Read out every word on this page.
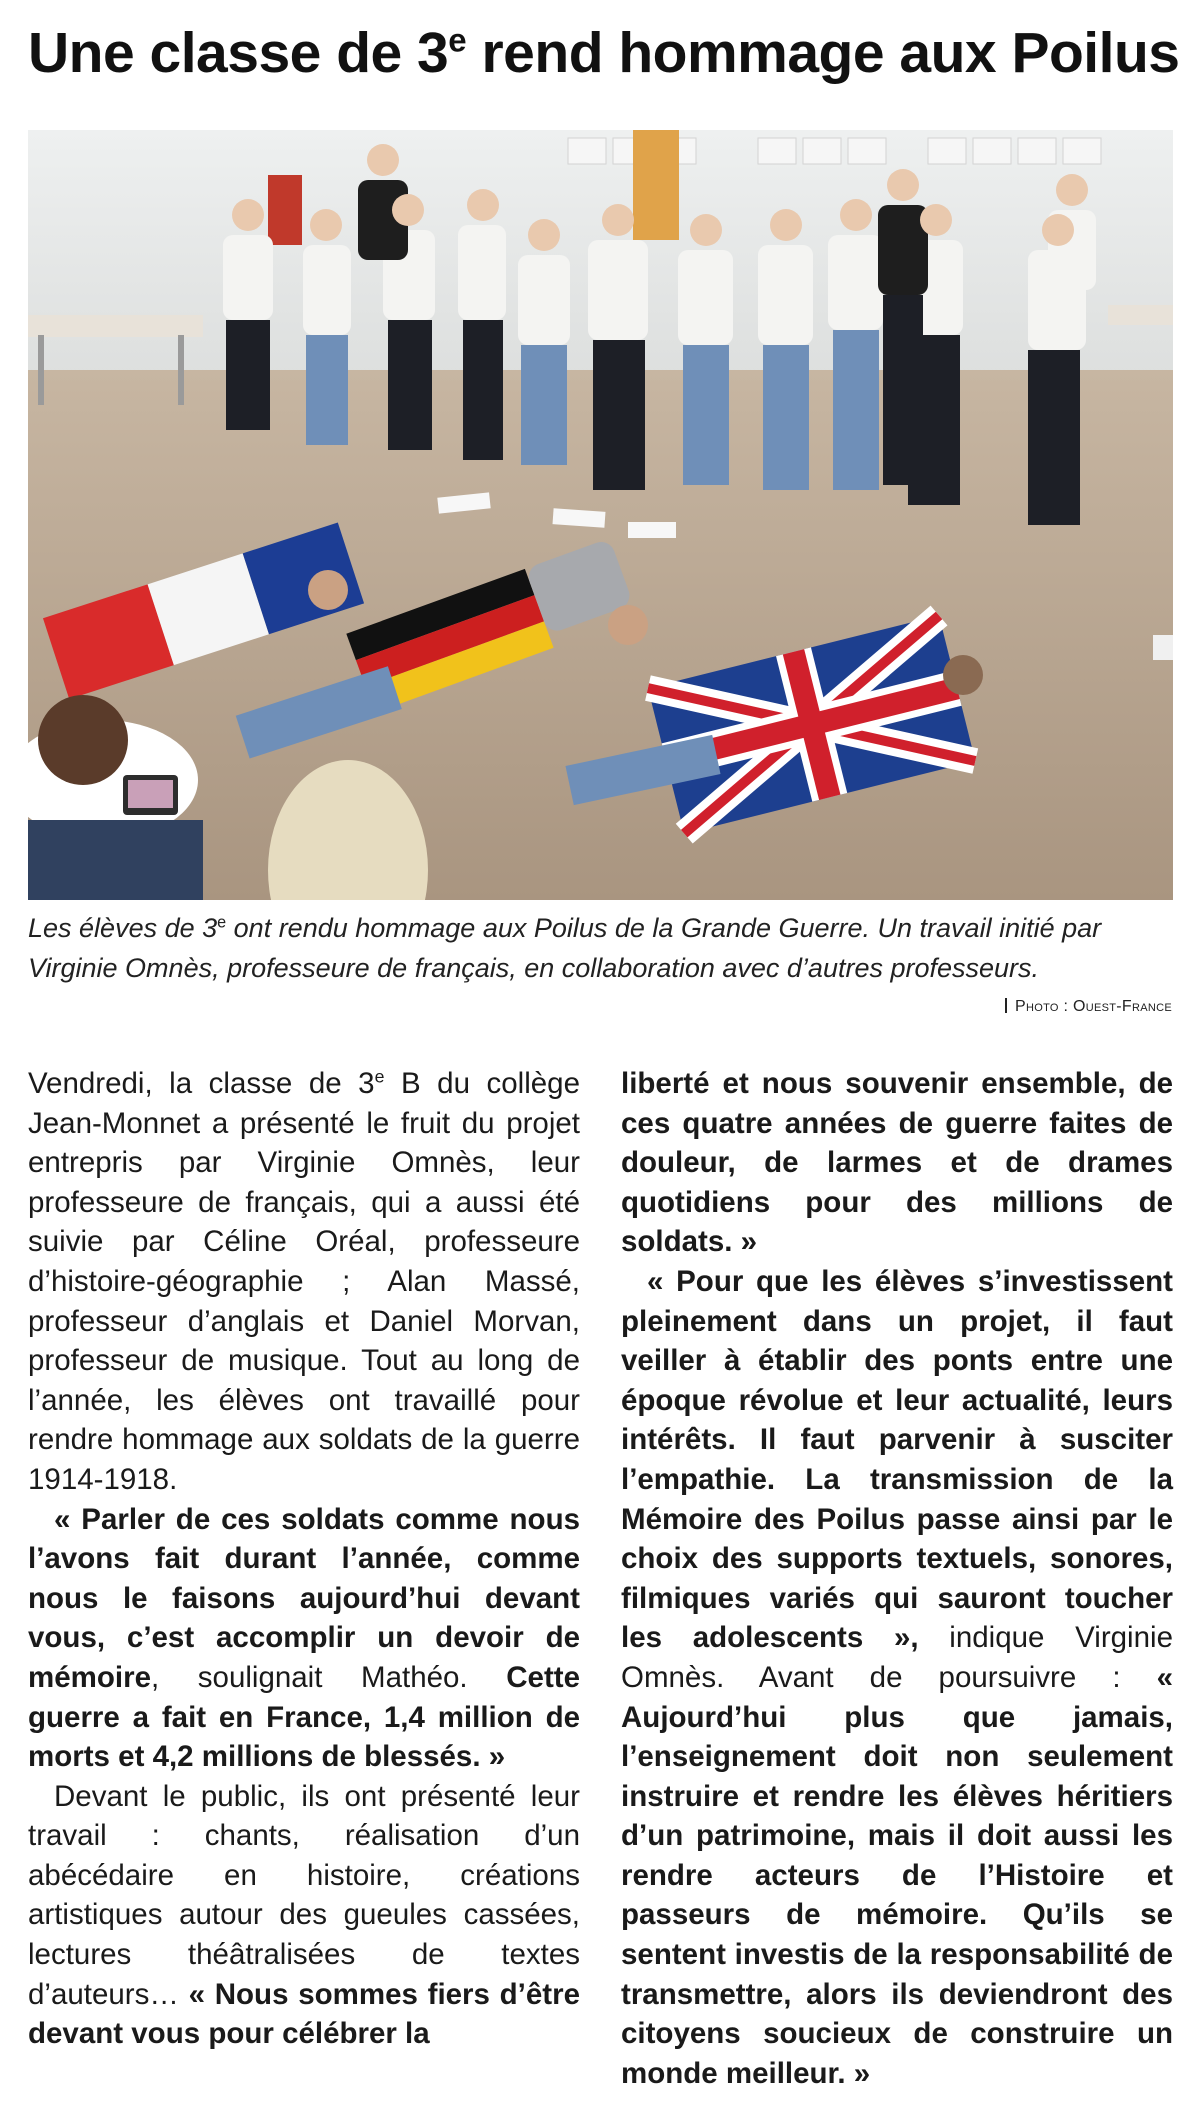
Une classe de 3e rend hommage aux Poilus

Les élèves de 3e ont rendu hommage aux Poilus de la Grande Guerre. Un travail initié par Virginie Omnès, professeure de français, en collaboration avec d’autres professeurs.

Photo : Ouest-France

Vendredi, la classe de 3e B du collège Jean-Monnet a présenté le fruit du projet entrepris par Virginie Omnès, leur professeure de français, qui a aussi été suivie par Céline Oréal, professeure d’histoire-géographie ; Alan Massé, professeur d’anglais et Daniel Morvan, professeur de musique. Tout au long de l’année, les élèves ont travaillé pour rendre hommage aux soldats de la guerre 1914-1918.

« Parler de ces soldats comme nous l’avons fait durant l’année, comme nous le faisons aujourd’hui devant vous, c’est accomplir un devoir de mémoire, soulignait Mathéo. Cette guerre a fait en France, 1,4 million de morts et 4,2 millions de blessés. »

Devant le public, ils ont présenté leur travail : chants, réalisation d’un abécédaire en histoire, créations artistiques autour des gueules cassées, lectures théâtralisées de textes d’auteurs… « Nous sommes fiers d’être devant vous pour célébrer la

liberté et nous souvenir ensemble, de ces quatre années de guerre faites de douleur, de larmes et de drames quotidiens pour des millions de soldats. »

« Pour que les élèves s’investissent pleinement dans un projet, il faut veiller à établir des ponts entre une époque révolue et leur actualité, leurs intérêts. Il faut parvenir à susciter l’empathie. La transmission de la Mémoire des Poilus passe ainsi par le choix des supports textuels, sonores, filmiques variés qui sauront toucher les adolescents », indique Virginie Omnès. Avant de poursuivre : « Aujourd’hui plus que jamais, l’enseignement doit non seulement instruire et rendre les élèves héritiers d’un patrimoine, mais il doit aussi les rendre acteurs de l’Histoire et passeurs de mémoire. Qu’ils se sentent investis de la responsabilité de transmettre, alors ils deviendront des citoyens soucieux de construire un monde meilleur. »
